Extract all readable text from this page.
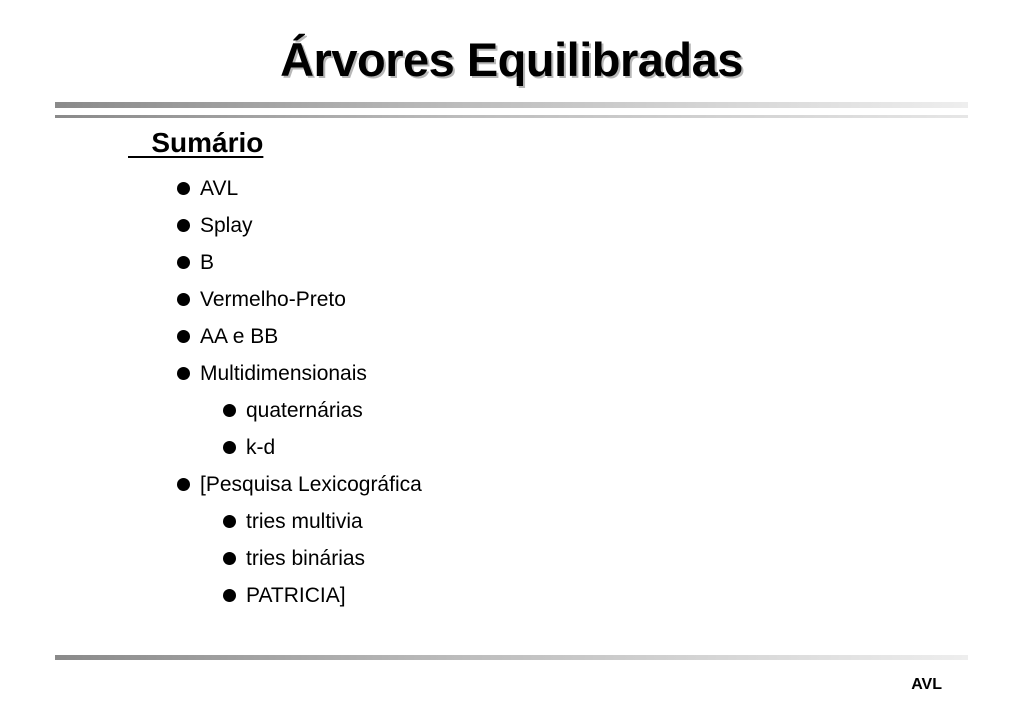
Árvores Equilibradas
Sumário
AVL
Splay
B
Vermelho-Preto
AA e BB
Multidimensionais
quaternárias
k-d
[Pesquisa Lexicográfica
tries multivia
tries binárias
PATRICIA]
AVL
